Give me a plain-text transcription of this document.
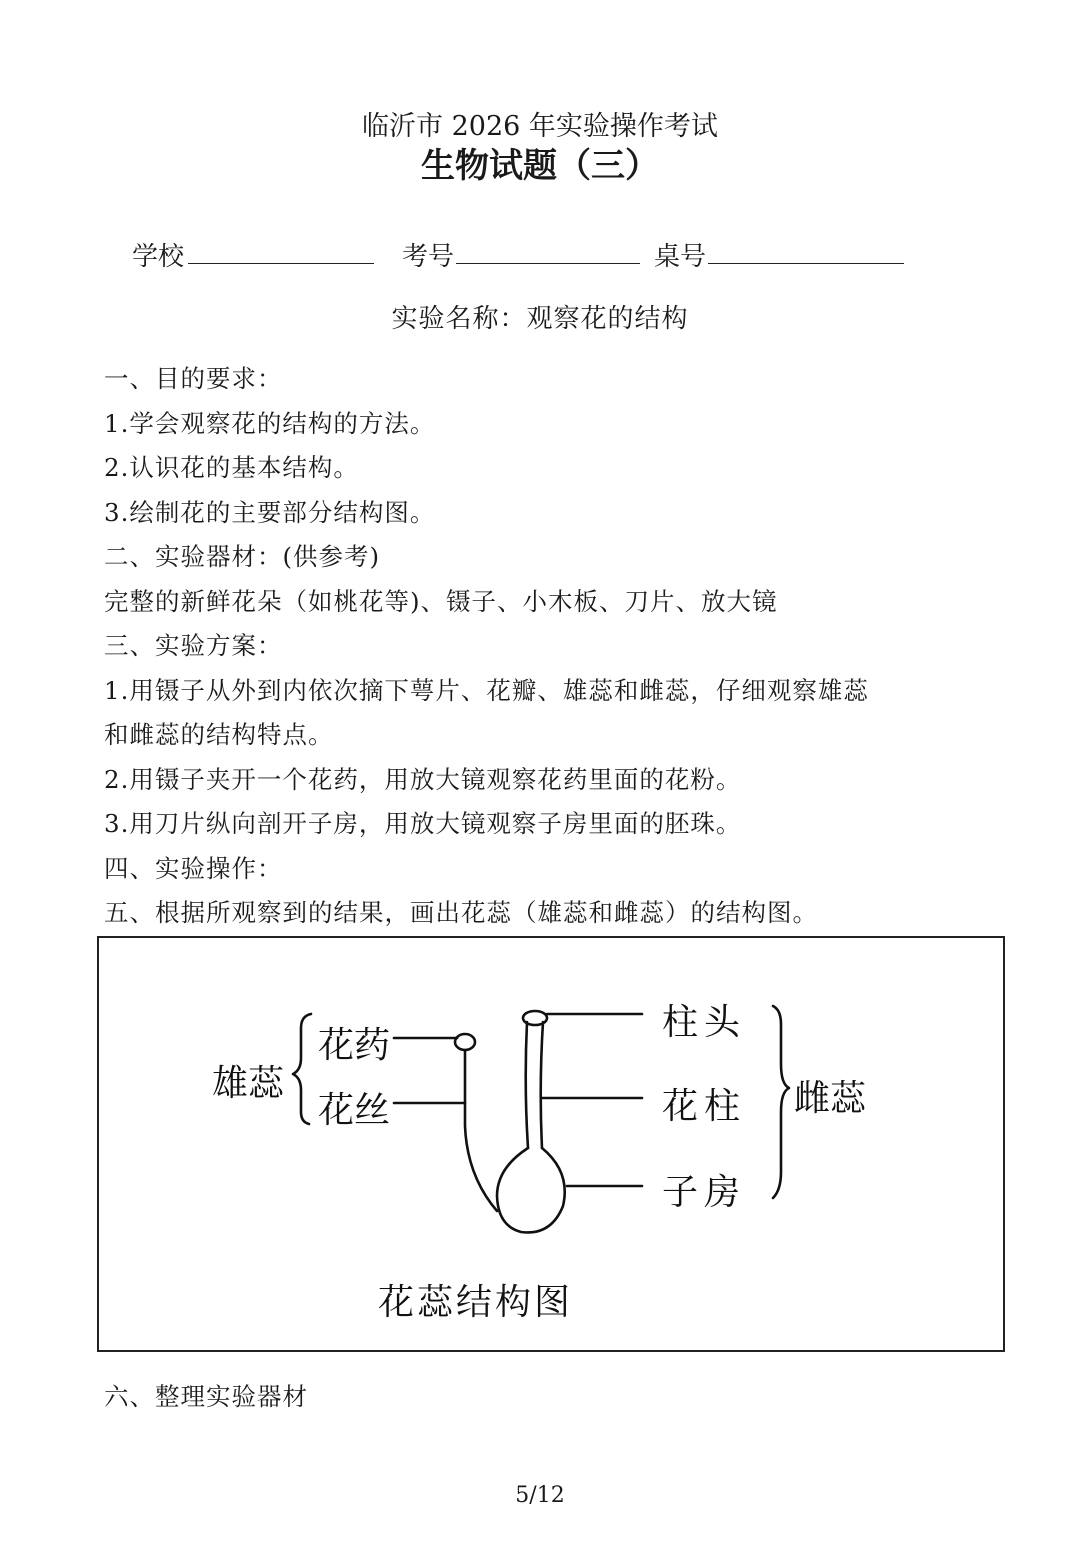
临沂市 2026 年实验操作考试
生物试题（三）
学校	考号	桌号
实验名称：观察花的结构
一、目的要求：
1.学会观察花的结构的方法。
2.认识花的基本结构。
3.绘制花的主要部分结构图。
二、实验器材：(供参考)
完整的新鲜花朵（如桃花等)、镊子、小木板、刀片、放大镜
三、实验方案：
1.用镊子从外到内依次摘下萼片、花瓣、雄蕊和雌蕊，仔细观察雄蕊
和雌蕊的结构特点。
2.用镊子夹开一个花药，用放大镜观察花药里面的花粉。
3.用刀片纵向剖开子房，用放大镜观察子房里面的胚珠。
四、实验操作：
五、根据所观察到的结果，画出花蕊（雄蕊和雌蕊）的结构图。
雄蕊
花药
花丝
柱头
花柱
子房
雌蕊
花蕊结构图
六、整理实验器材
5/12
